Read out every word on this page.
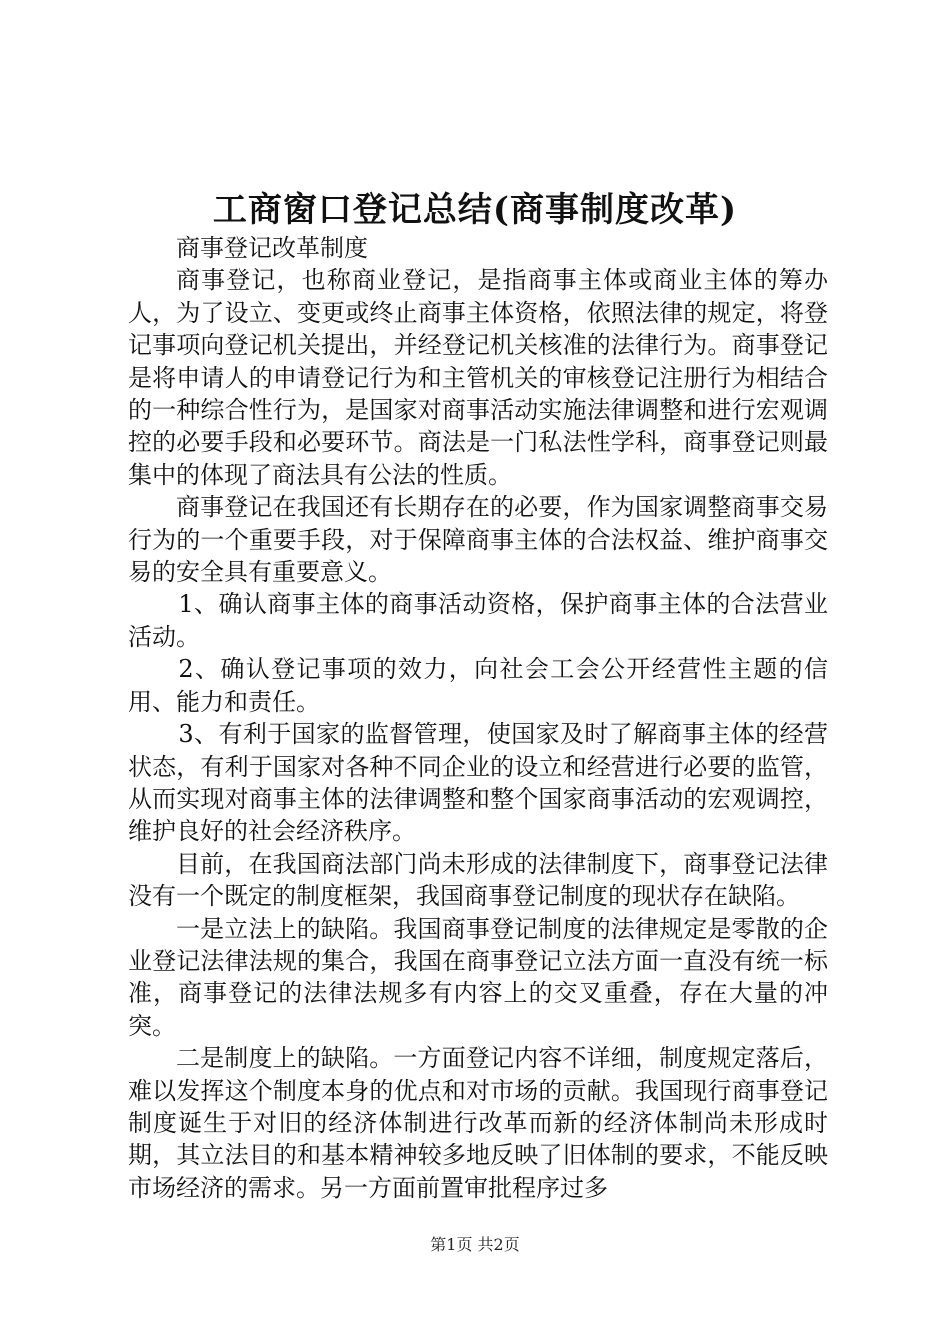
工商窗口登记总结(商事制度改革)

商事登记改革制度

商事登记，也称商业登记，是指商事主体或商业主体的筹办人，为了设立、变更或终止商事主体资格，依照法律的规定，将登记事项向登记机关提出，并经登记机关核准的法律行为。商事登记是将申请人的申请登记行为和主管机关的审核登记注册行为相结合的一种综合性行为，是国家对商事活动实施法律调整和进行宏观调控的必要手段和必要环节。商法是一门私法性学科，商事登记则最集中的体现了商法具有公法的性质。

商事登记在我国还有长期存在的必要，作为国家调整商事交易行为的一个重要手段，对于保障商事主体的合法权益、维护商事交易的安全具有重要意义。

1、确认商事主体的商事活动资格，保护商事主体的合法营业活动。

2、确认登记事项的效力，向社会工会公开经营性主题的信用、能力和责任。

3、有利于国家的监督管理，使国家及时了解商事主体的经营状态，有利于国家对各种不同企业的设立和经营进行必要的监管，从而实现对商事主体的法律调整和整个国家商事活动的宏观调控，维护良好的社会经济秩序。

目前，在我国商法部门尚未形成的法律制度下，商事登记法律没有一个既定的制度框架，我国商事登记制度的现状存在缺陷。

一是立法上的缺陷。我国商事登记制度的法律规定是零散的企业登记法律法规的集合，我国在商事登记立法方面一直没有统一标准，商事登记的法律法规多有内容上的交叉重叠，存在大量的冲突。

二是制度上的缺陷。一方面登记内容不详细，制度规定落后，难以发挥这个制度本身的优点和对市场的贡献。我国现行商事登记制度诞生于对旧的经济体制进行改革而新的经济体制尚未形成时期，其立法目的和基本精神较多地反映了旧体制的要求，不能反映市场经济的需求。另一方面前置审批程序过多

第1页 共2页
